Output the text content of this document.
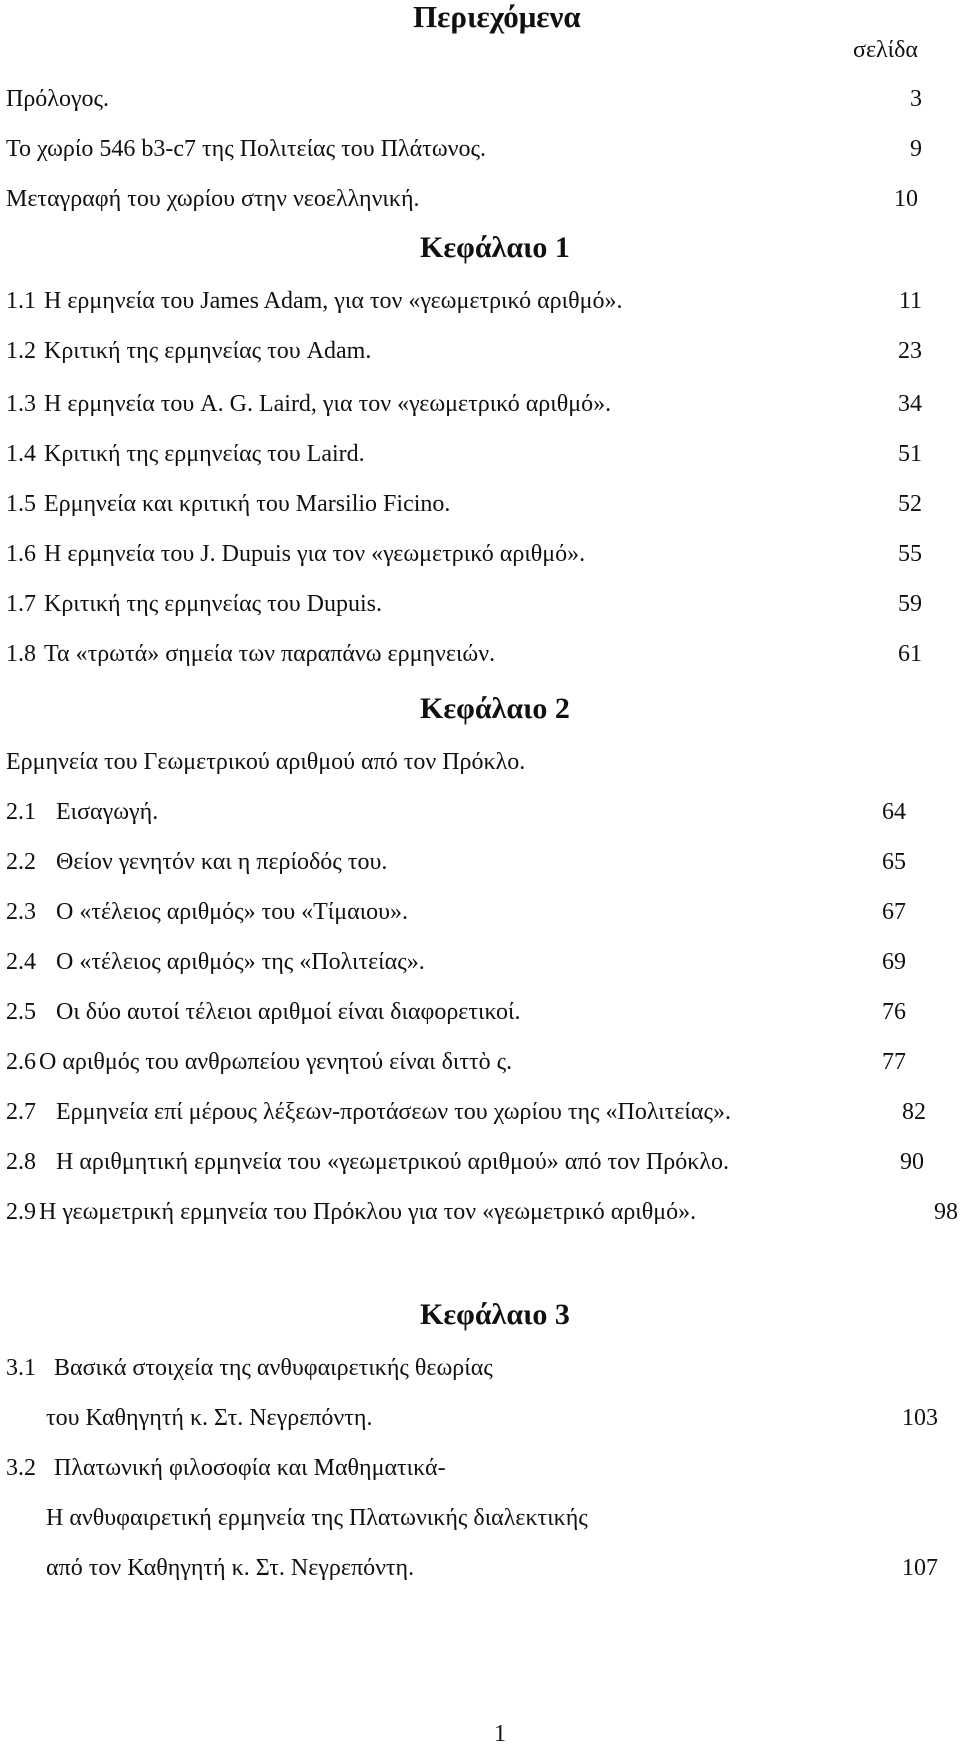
Περιεχόμενα
σελίδα
Πρόλογος.	3
Το χωρίο 546 b3-c7 της Πολιτείας του Πλάτωνος.	9
Μεταγραφή του χωρίου στην νεοελληνική.	10
Κεφάλαιο 1
1.1 Η ερμηνεία του James Adam, για τον «γεωμετρικό αριθμό».	11
1.2 Κριτική της ερμηνείας του Adam.	23
1.3 Η ερμηνεία του A. G. Laird, για τον «γεωμετρικό αριθμό».	34
1.4 Κριτική της ερμηνείας του Laird.	51
1.5 Ερμηνεία και κριτική του Marsilio Ficino.	52
1.6 Η ερμηνεία του J. Dupuis για τον «γεωμετρικό αριθμό».	55
1.7 Κριτική της ερμηνείας του Dupuis.	59
1.8 Τα «τρωτά» σημεία των παραπάνω ερμηνειών.	61
Κεφάλαιο 2
Ερμηνεία του Γεωμετρικού αριθμού από τον Πρόκλο.
2.1 Εισαγωγή.	64
2.2 Θείον γενητόν και η περίοδός του.	65
2.3 Ο «τέλειος αριθμός» του «Τίμαιου».	67
2.4 Ο «τέλειος αριθμός» της «Πολιτείας».	69
2.5 Οι δύο αυτοί τέλειοι αριθμοί είναι διαφορετικοί.	76
2.6 Ο αριθμός του ανθρωπείου γενητού είναι διττὸ ς.	77
2.7 Ερμηνεία επί μέρους λέξεων-προτάσεων του χωρίου της «Πολιτείας».	82
2.8 Η αριθμητική ερμηνεία του «γεωμετρικού αριθμού» από τον Πρόκλο.	90
2.9 Η γεωμετρική ερμηνεία του Πρόκλου για τον «γεωμετρικό αριθμό».	98
Κεφάλαιο 3
3.1 Βασικά στοιχεία της ανθυφαιρετικής θεωρίας
του Καθηγητή κ. Στ. Νεγρεπόντη.	103
3.2 Πλατωνική φιλοσοφία και Μαθηματικά-
Η ανθυφαιρετική ερμηνεία της Πλατωνικής διαλεκτικής
από τον Καθηγητή κ. Στ. Νεγρεπόντη.	107
1
